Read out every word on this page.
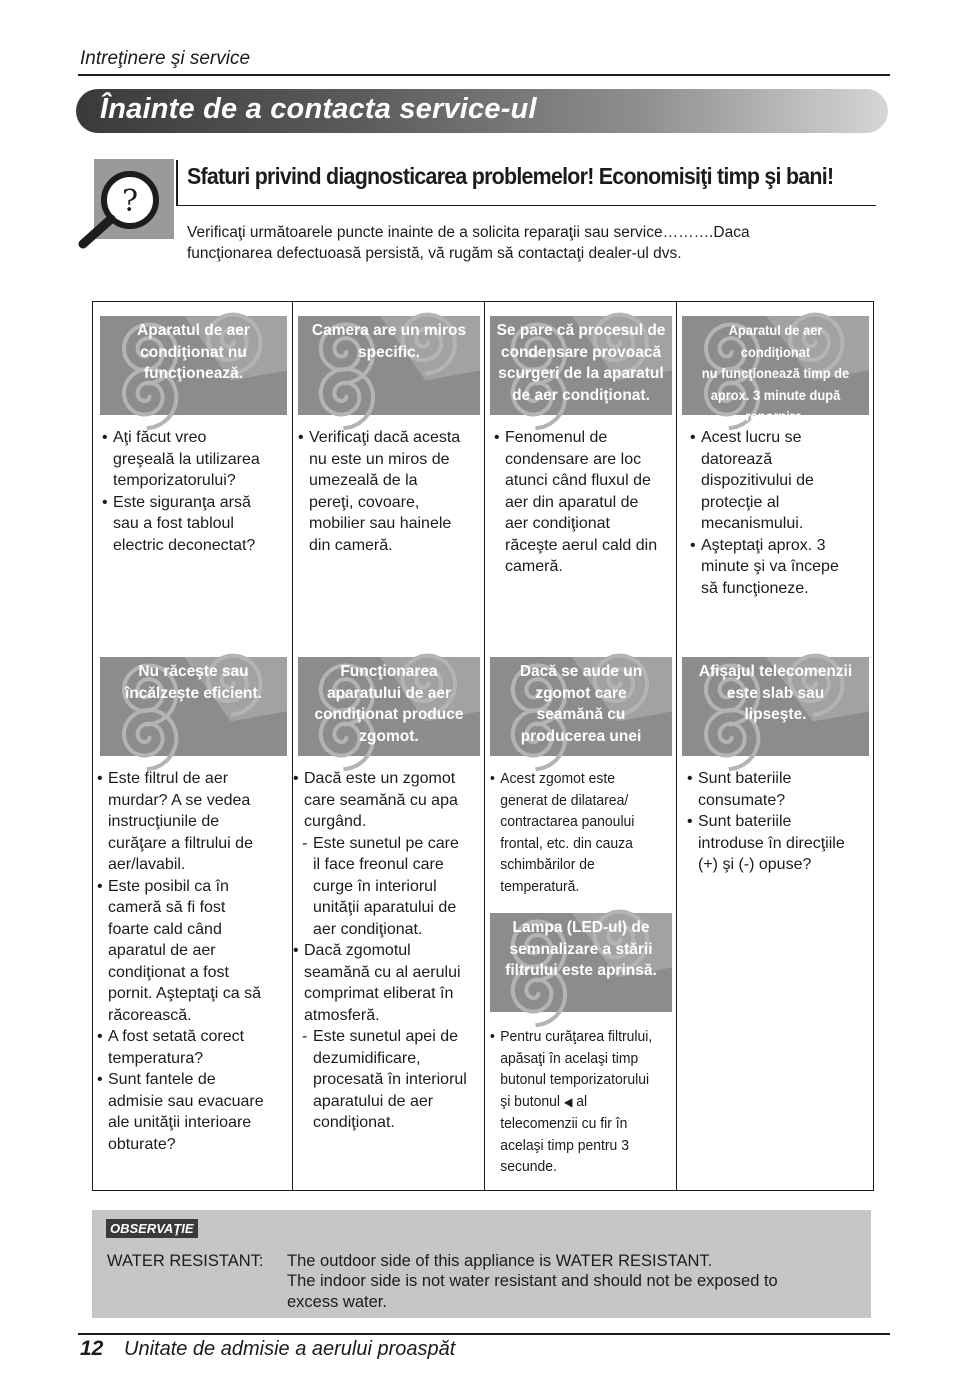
Intreţinere şi service
Înainte de a contacta service-ul
?
Sfaturi privind diagnosticarea problemelor! Economisiţi timp şi bani!
Verificaţi următoarele puncte inainte de a solicita reparaţii sau service……….Daca
funcţionarea defectuoasă persistă, vă rugăm să contactaţi dealer-ul dvs.
Aparatul de aer
condiţionat nu
funcţionează.
Camera are un miros
specific.
Se pare că procesul de
condensare provoacă
scurgeri de la aparatul
de aer condiţionat.
Aparatul de aer condiţionat
nu funcţionează timp de
aprox. 3 minute după
repornire.
• Aţi făcut vreo
greşeală la utilizarea
temporizatorului?
• Este siguranţa arsă
sau a fost tabloul
electric deconectat?
• Verificaţi dacă acesta
nu este un miros de
umezeală de la
pereţi, covoare,
mobilier sau hainele
din cameră.
• Fenomenul de
condensare are loc
atunci când fluxul de
aer din aparatul de
aer condiţionat
răceşte aerul cald din
cameră.
• Acest lucru se
datorează
dispozitivului de
protecţie al
mecanismului.
• Aşteptaţi aprox. 3
minute şi va începe
să funcţioneze.
Nu răceşte sau
încălzeşte eficient.
Funcţionarea
aparatului de aer
condiţionat produce
zgomot.
Dacă se aude un
zgomot care
seamănă cu
producerea unei
Afişajul telecomenzii
este slab sau
lipseşte.
• Este filtrul de aer
murdar? A se vedea
instrucţiunile de
curăţare a filtrului de
aer/lavabil.
• Este posibil ca în
cameră să fi fost
foarte cald când
aparatul de aer
condiţionat a fost
pornit. Aşteptaţi ca să
răcorească.
• A fost setată corect
temperatura?
• Sunt fantele de
admisie sau evacuare
ale unităţii interioare
obturate?
• Dacă este un zgomot
care seamănă cu apa
curgând.
- Este sunetul pe care
il face freonul care
curge în interiorul
unităţii aparatului de
aer condiţionat.
• Dacă zgomotul
seamănă cu al aerului
comprimat eliberat în
atmosferă.
- Este sunetul apei de
dezumidificare,
procesată în interiorul
aparatului de aer
condiţionat.
• Acest zgomot este
generat de dilatarea/
contractarea panoului
frontal, etc. din cauza
schimbărilor de
temperatură.
Lampa (LED-ul) de
semnalizare a stării
filtrului este aprinsă.
• Pentru curăţarea filtrului,
apăsaţi în acelaşi timp
butonul temporizatorului
şi butonul ◀ al
telecomenzii cu fir în
acelaşi timp pentru 3
secunde.
• Sunt bateriile
consumate?
• Sunt bateriile
introduse în direcţiile
(+) şi (-) opuse?
OBSERVAŢIE
WATER RESISTANT: The outdoor side of this appliance is WATER RESISTANT.
The indoor side is not water resistant and should not be exposed to
excess water.
12 Unitate de admisie a aerului proaspăt
